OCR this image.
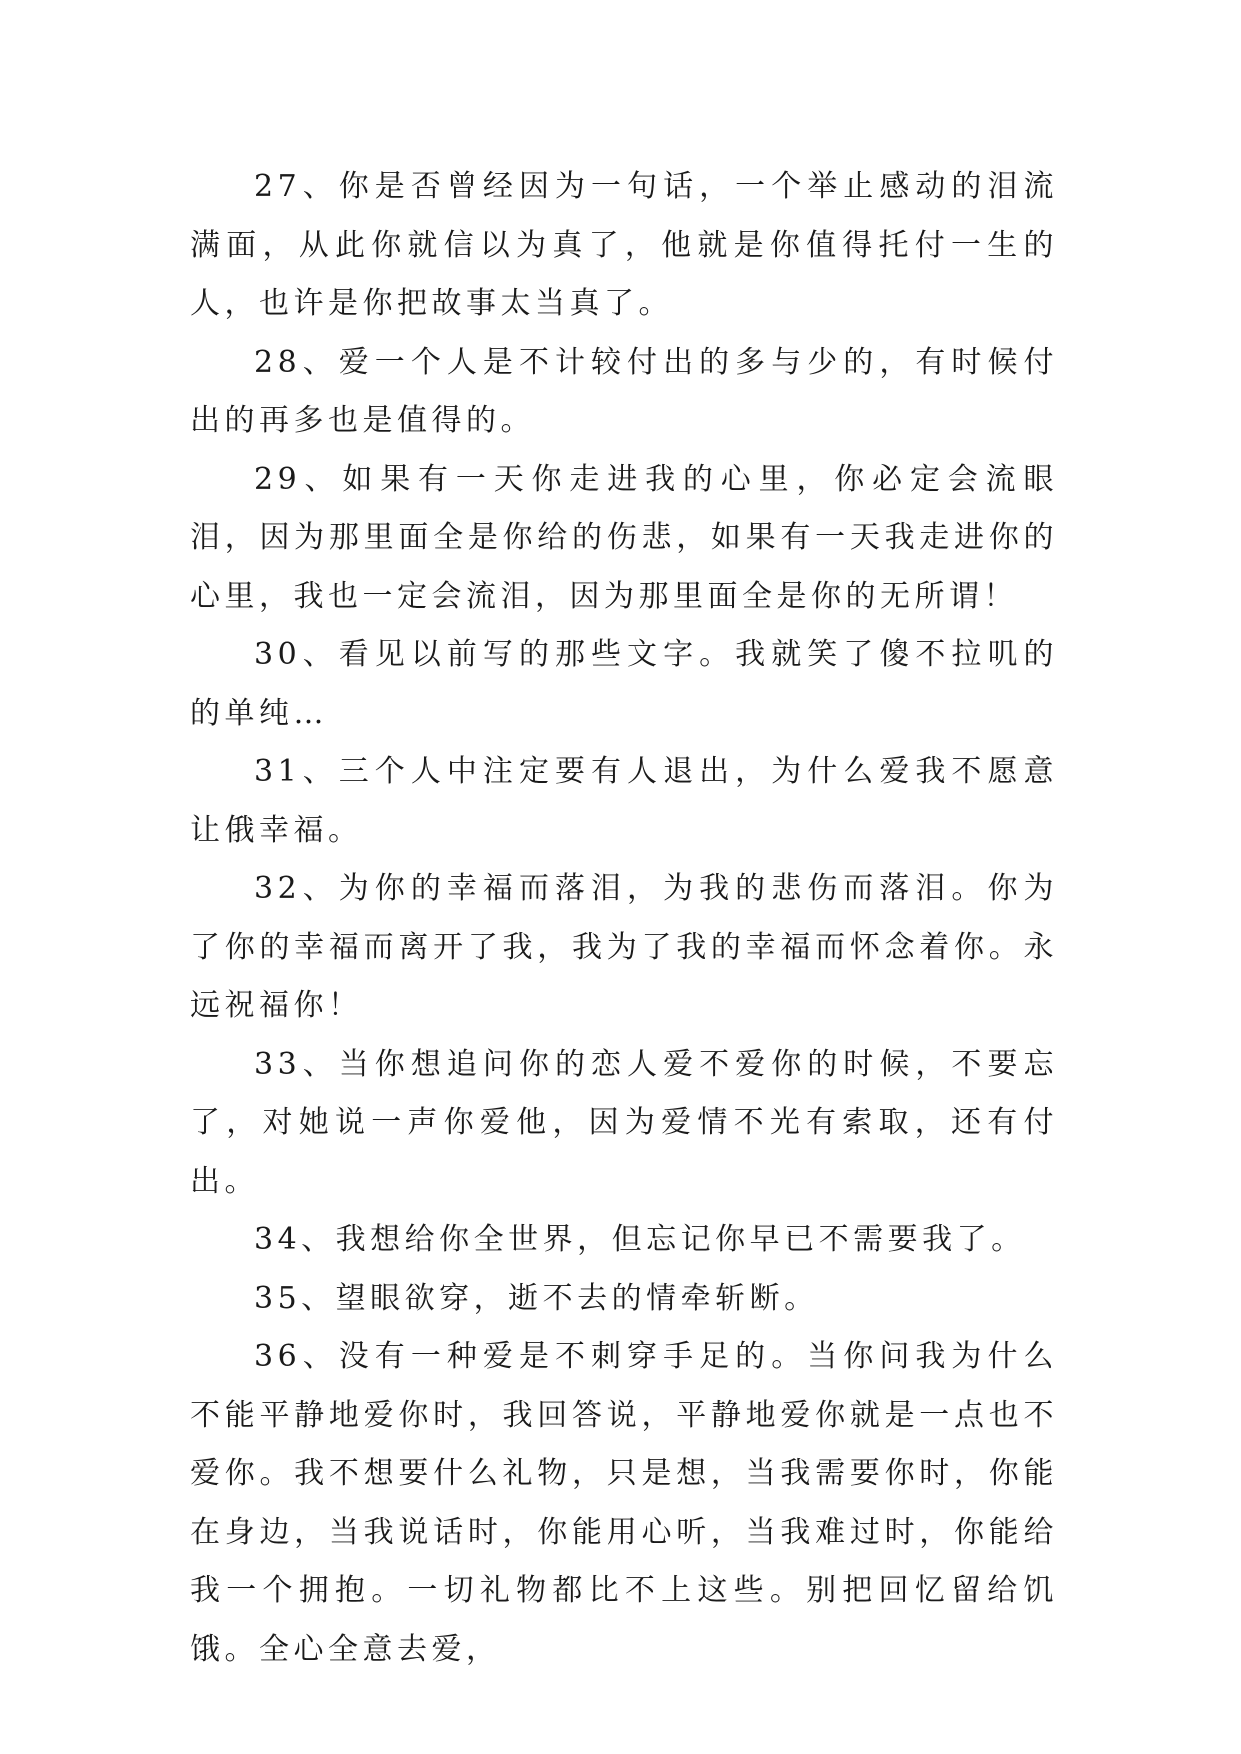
27、你是否曾经因为一句话，一个举止感动的泪流满面，从此你就信以为真了，他就是你值得托付一生的人，也许是你把故事太当真了。

28、爱一个人是不计较付出的多与少的，有时候付出的再多也是值得的。

29、如果有一天你走进我的心里，你必定会流眼泪，因为那里面全是你给的伤悲，如果有一天我走进你的心里，我也一定会流泪，因为那里面全是你的无所谓！

30、看见以前写的那些文字。我就笑了傻不拉叽的的单纯…

31、三个人中注定要有人退出，为什么爱我不愿意让俄幸福。

32、为你的幸福而落泪，为我的悲伤而落泪。你为了你的幸福而离开了我，我为了我的幸福而怀念着你。永远祝福你！

33、当你想追问你的恋人爱不爱你的时候，不要忘了，对她说一声你爱他，因为爱情不光有索取，还有付出。

34、我想给你全世界，但忘记你早已不需要我了。

35、望眼欲穿，逝不去的情牵斩断。

36、没有一种爱是不刺穿手足的。当你问我为什么不能平静地爱你时，我回答说，平静地爱你就是一点也不爱你。我不想要什么礼物，只是想，当我需要你时，你能在身边，当我说话时，你能用心听，当我难过时，你能给我一个拥抱。一切礼物都比不上这些。别把回忆留给饥饿。全心全意去爱，
